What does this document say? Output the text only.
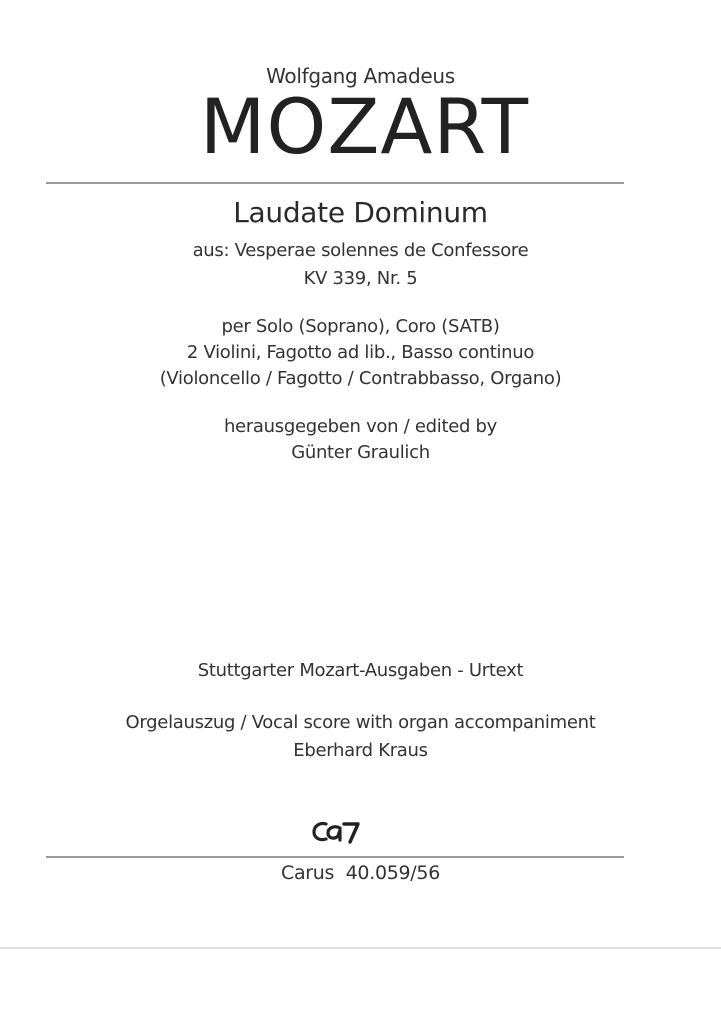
Wolfgang Amadeus
MOZART
Laudate Dominum
aus: Vesperae solennes de Confessore
KV 339, Nr. 5
per Solo (Soprano), Coro (SATB)
2 Violini, Fagotto ad lib., Basso continuo
(Violoncello / Fagotto / Contrabbasso, Organo)
herausgegeben von / edited by
Günter Graulich
Stuttgarter Mozart-Ausgaben - Urtext
Orgelauszug / Vocal score with organ accompaniment
Eberhard Kraus
Carus  40.059/56
